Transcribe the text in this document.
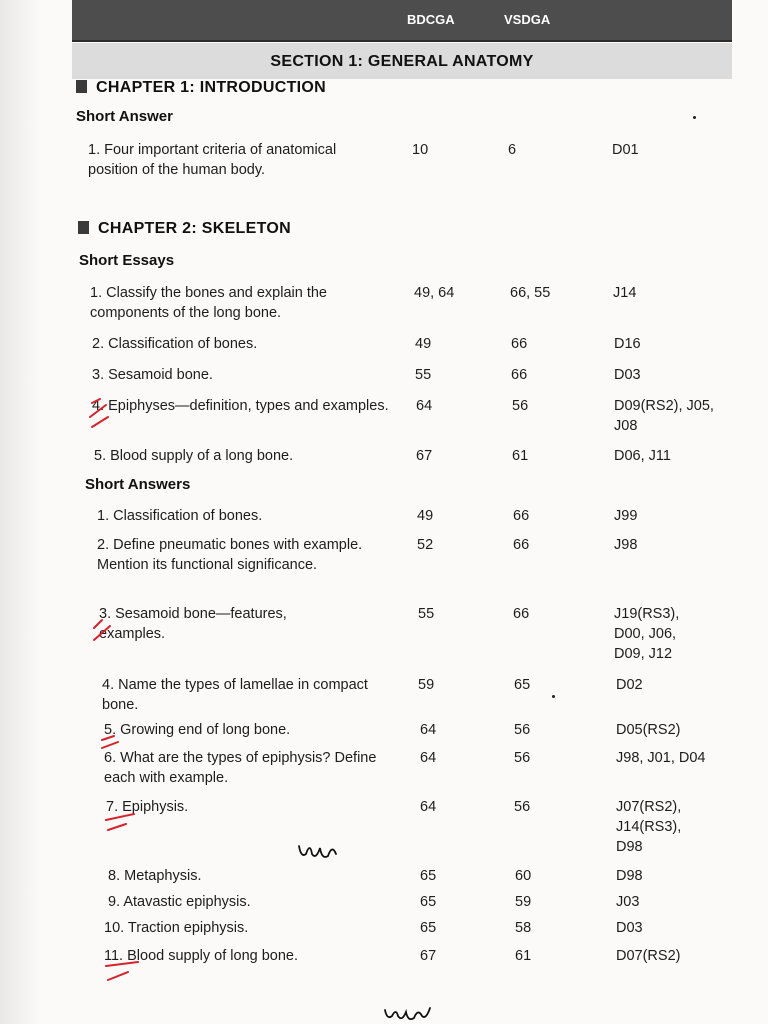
BDCGA	VSDGA
SECTION 1: GENERAL ANATOMY
CHAPTER 1: INTRODUCTION
Short Answer
1. Four important criteria of anatomical position of the human body.
10	6	D01
CHAPTER 2: SKELETON
Short Essays
1. Classify the bones and explain the components of the long bone.
49, 64	66, 55	J14
2. Classification of bones.	49	66	D16
3. Sesamoid bone.	55	66	D03
4. Epiphyses—definition, types and examples.	64	56	D09(RS2), J05, J08
5. Blood supply of a long bone.	67	61	D06, J11
Short Answers
1. Classification of bones.	49	66	J99
2. Define pneumatic bones with example. Mention its functional significance.
52	66	J98
3. Sesamoid bone—features, examples.
55	66	J19(RS3), D00, J06, D09, J12
4. Name the types of lamellae in compact bone.
59	65	D02
5. Growing end of long bone.	64	56	D05(RS2)
6. What are the types of epiphysis? Define each with example.
64	56	J98, J01, D04
7. Epiphysis.	64	56	J07(RS2), J14(RS3), D98
8. Metaphysis.	65	60	D98
9. Atavastic epiphysis.	65	59	J03
10. Traction epiphysis.	65	58	D03
11. Blood supply of long bone.	67	61	D07(RS2)
